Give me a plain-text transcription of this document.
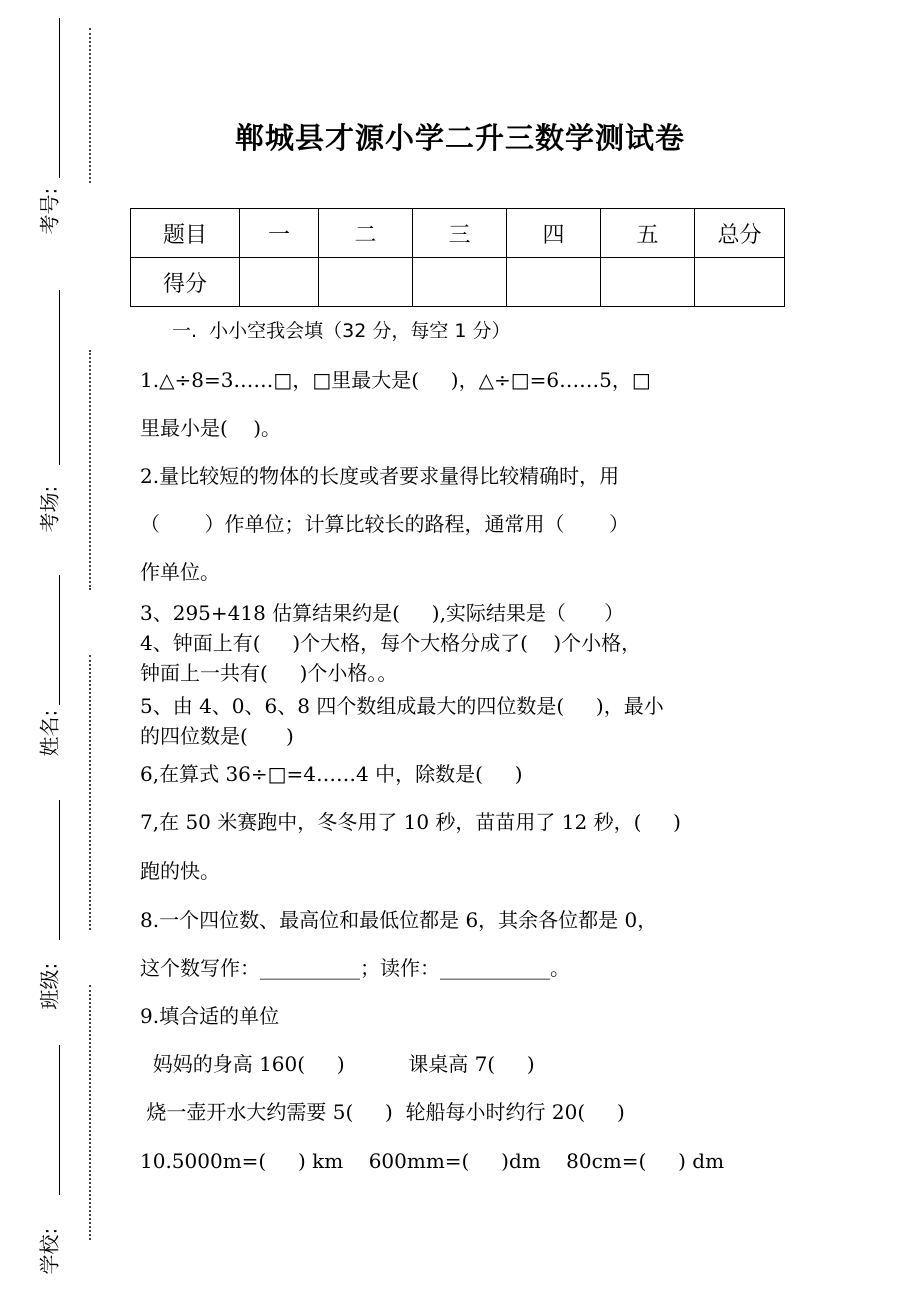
考号:
考场:
姓名:
班级:
学校:
郸城县才源小学二升三数学测试卷
题目	一	二	三	四	五	总分
得分						
一.  小小空我会填（32 分，每空 1 分）
1.△÷8=3……□，□里最大是(     )，△÷□=6……5，□
里最小是(    )。
2.量比较短的物体的长度或者要求量得比较精确时，用
（       ）作单位；计算比较长的路程，通常用（       ）
作单位。
3、295+418 估算结果约是(     ),实际结果是（      ）
4、钟面上有(     )个大格，每个大格分成了(    )个小格，
钟面上一共有(     )个小格。。
5、由 4、0、6、8 四个数组成最大的四位数是(     )，最小
的四位数是(      )
6,在算式 36÷□=4……4 中，除数是(     )
7,在 50 米赛跑中，冬冬用了 10 秒，苗苗用了 12 秒，(     )
跑的快。
8.一个四位数、最高位和最低位都是 6，其余各位都是 0，
这个数写作：__________；读作：___________。
9.填合适的单位
妈妈的身高 160(     )          课桌高 7(     )
烧一壶开水大约需要 5(     )  轮船每小时约行 20(     )
10.5000m=(     ) km    600mm=(     )dm    80cm=(     ) dm
